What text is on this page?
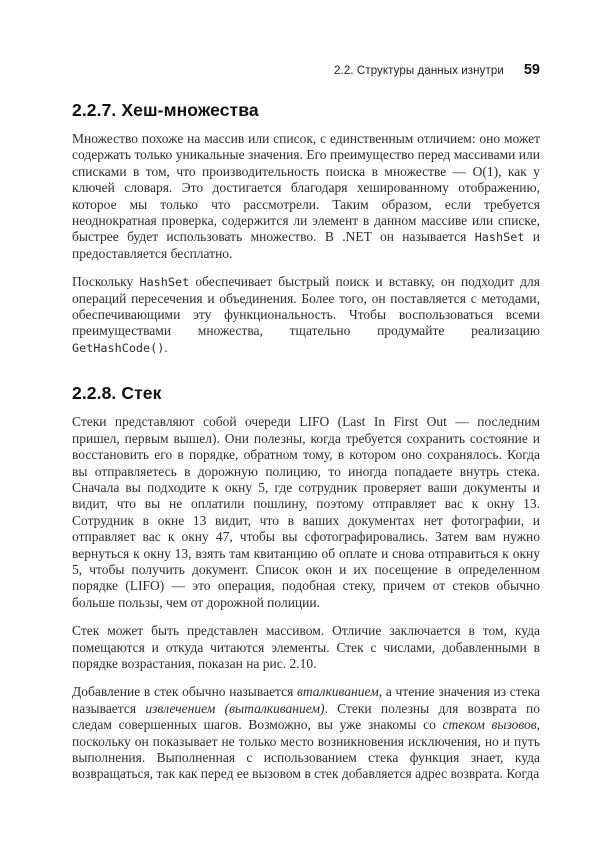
2.2. Структуры данных изнутри 59
2.2.7. Хеш-множества

Множество похоже на массив или список, с единственным отличием: оно может содержать только уникальные значения. Его преимущество перед массивами или списками в том, что производительность поиска в множестве — O(1), как у ключей словаря. Это достигается благодаря хешированному отображению, которое мы только что рассмотрели. Таким образом, если требуется неоднократная проверка, содержится ли элемент в данном массиве или списке, быстрее будет использовать множество. В .NET он называется HashSet и предоставляется бесплатно.

Поскольку HashSet обеспечивает быстрый поиск и вставку, он подходит для операций пересечения и объединения. Более того, он поставляется с методами, обеспечивающими эту функциональность. Чтобы воспользоваться всеми преимуществами множества, тщательно продумайте реализацию GetHashCode().

2.2.8. Стек

Стеки представляют собой очереди LIFO (Last In First Out — последним пришел, первым вышел). Они полезны, когда требуется сохранить состояние и восстановить его в порядке, обратном тому, в котором оно сохранялось. Когда вы отправляетесь в дорожную полицию, то иногда попадаете внутрь стека. Сначала вы подходите к окну 5, где сотрудник проверяет ваши документы и видит, что вы не оплатили пошлину, поэтому отправляет вас к окну 13. Сотрудник в окне 13 видит, что в ваших документах нет фотографии, и отправляет вас к окну 47, чтобы вы сфотографировались. Затем вам нужно вернуться к окну 13, взять там квитанцию об оплате и снова отправиться к окну 5, чтобы получить документ. Список окон и их посещение в определенном порядке (LIFO) — это операция, подобная стеку, причем от стеков обычно больше пользы, чем от дорожной полиции.

Стек может быть представлен массивом. Отличие заключается в том, куда помещаются и откуда читаются элементы. Стек с числами, добавленными в порядке возрастания, показан на рис. 2.10.

Добавление в стек обычно называется вталкиванием, а чтение значения из стека называется извлечением (выталкиванием). Стеки полезны для возврата по следам совершенных шагов. Возможно, вы уже знакомы со стеком вызовов, поскольку он показывает не только место возникновения исключения, но и путь выполнения. Выполненная с использованием стека функция знает, куда возвращаться, так как перед ее вызовом в стек добавляется адрес возврата. Когда
